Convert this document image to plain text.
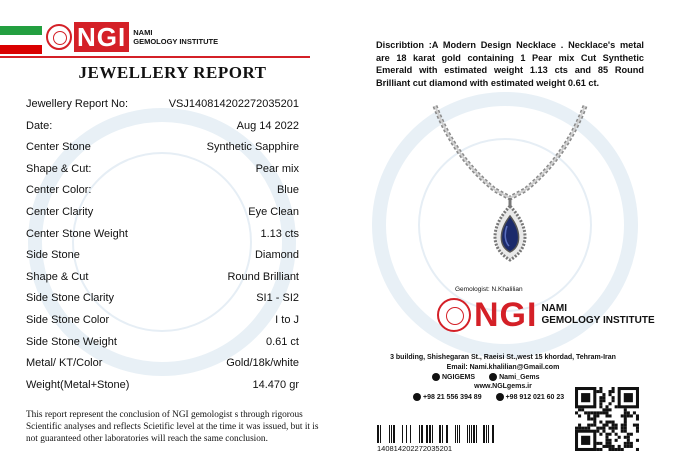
NGI NAMI
GEMOLOGY INSTITUTE
JEWELLERY REPORT
Jewellery Report No:	VSJ140814202272035201
Date:	Aug 14 2022
Center Stone	Synthetic Sapphire
Shape & Cut:	Pear mix
Center Color:	Blue
Center Clarity	Eye Clean
Center Stone Weight	1.13 cts
Side Stone	Diamond
Shape & Cut	Round Brilliant
Side Stone Clarity	SI1 - SI2
Side Stone Color	I to J
Side Stone Weight	0.61 ct
Metal/ KT/Color	Gold/18k/white
Weight(Metal+Stone)	14.470 gr
This report represent the conclusion of NGI gemologist s through rigorous Scientific analyses and reflects Scietific level at the time it was issued, but it is not guaranteed other laboratories will reach the same conclusion.
Discribtion :A Modern Design Necklace . Necklace's metal are 18 karat gold containing 1 Pear mix Cut Synthetic Emerald with estimated weight 1.13 cts and 85 Round Brilliant cut diamond with estimated weight 0.61 ct.
Gemologist: N.Khalilian
NGI NAMI
GEMOLOGY INSTITUTE
3 building, Shishegaran St., Raeisi St.,west 15 khordad, Tehram-Iran
Email: Nami.khalilian@Gmail.com
NGIGEMS	Nami_Gems
www.NGLgems.ir
+98 21 556 394 89	+98 912 021 60 23
140814202272035201
